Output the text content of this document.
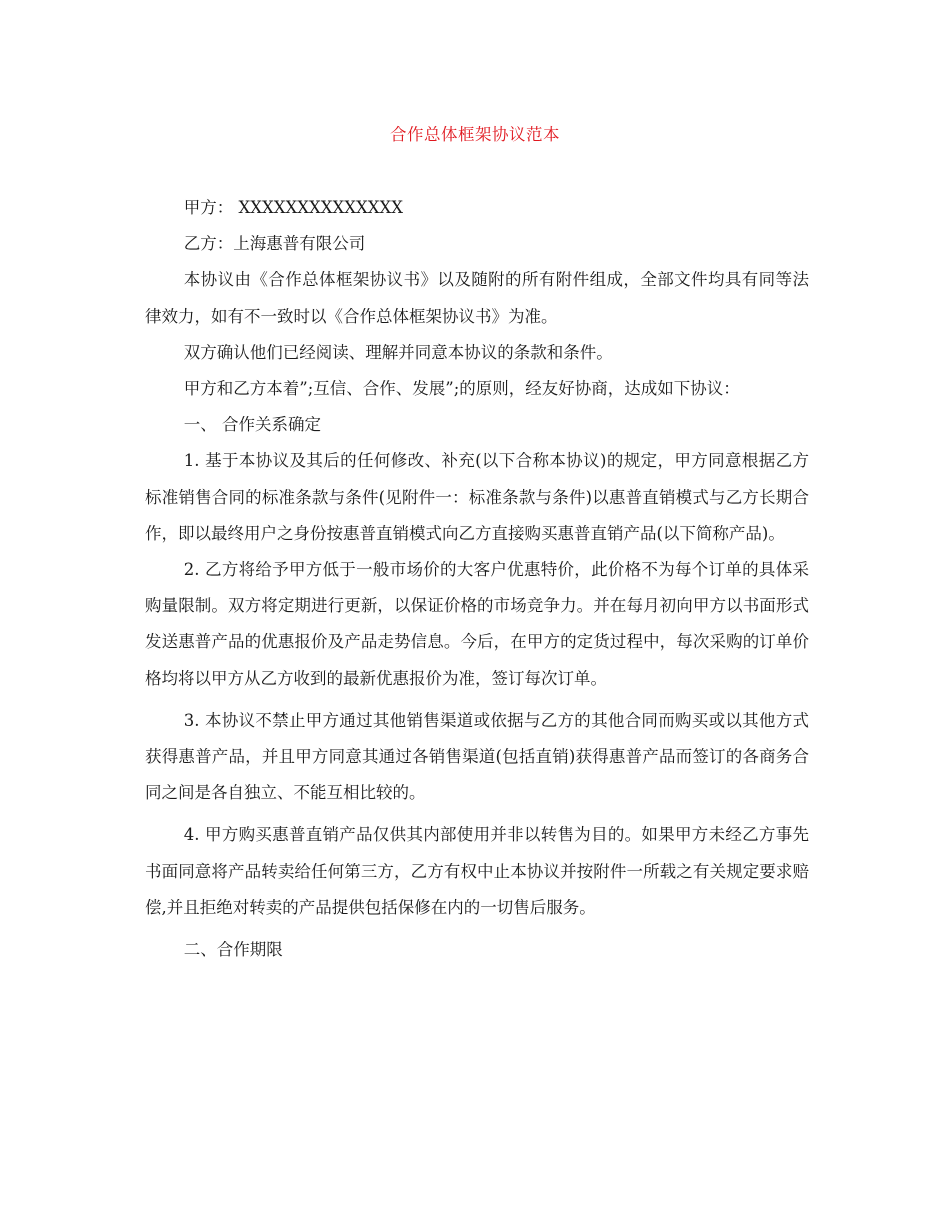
合作总体框架协议范本

甲方： XXXXXXXXXXXXXX

乙方：上海惠普有限公司

本协议由《合作总体框架协议书》以及随附的所有附件组成，全部文件均具有同等法律效力，如有不一致时以《合作总体框架协议书》为准。

双方确认他们已经阅读、理解并同意本协议的条款和条件。

甲方和乙方本着”;互信、合作、发展”;的原则，经友好协商，达成如下协议：

一、 合作关系确定

1. 基于本协议及其后的任何修改、补充(以下合称本协议)的规定，甲方同意根据乙方标准销售合同的标准条款与条件(见附件一：标准条款与条件)以惠普直销模式与乙方长期合作，即以最终用户之身份按惠普直销模式向乙方直接购买惠普直销产品(以下简称产品)。

2. 乙方将给予甲方低于一般市场价的大客户优惠特价，此价格不为每个订单的具体采购量限制。双方将定期进行更新，以保证价格的市场竞争力。并在每月初向甲方以书面形式发送惠普产品的优惠报价及产品走势信息。今后，在甲方的定货过程中，每次采购的订单价格均将以甲方从乙方收到的最新优惠报价为准，签订每次订单。

3. 本协议不禁止甲方通过其他销售渠道或依据与乙方的其他合同而购买或以其他方式获得惠普产品，并且甲方同意其通过各销售渠道(包括直销)获得惠普产品而签订的各商务合同之间是各自独立、不能互相比较的。

4. 甲方购买惠普直销产品仅供其内部使用并非以转售为目的。如果甲方未经乙方事先书面同意将产品转卖给任何第三方，乙方有权中止本协议并按附件一所载之有关规定要求赔偿,并且拒绝对转卖的产品提供包括保修在内的一切售后服务。

二、合作期限
